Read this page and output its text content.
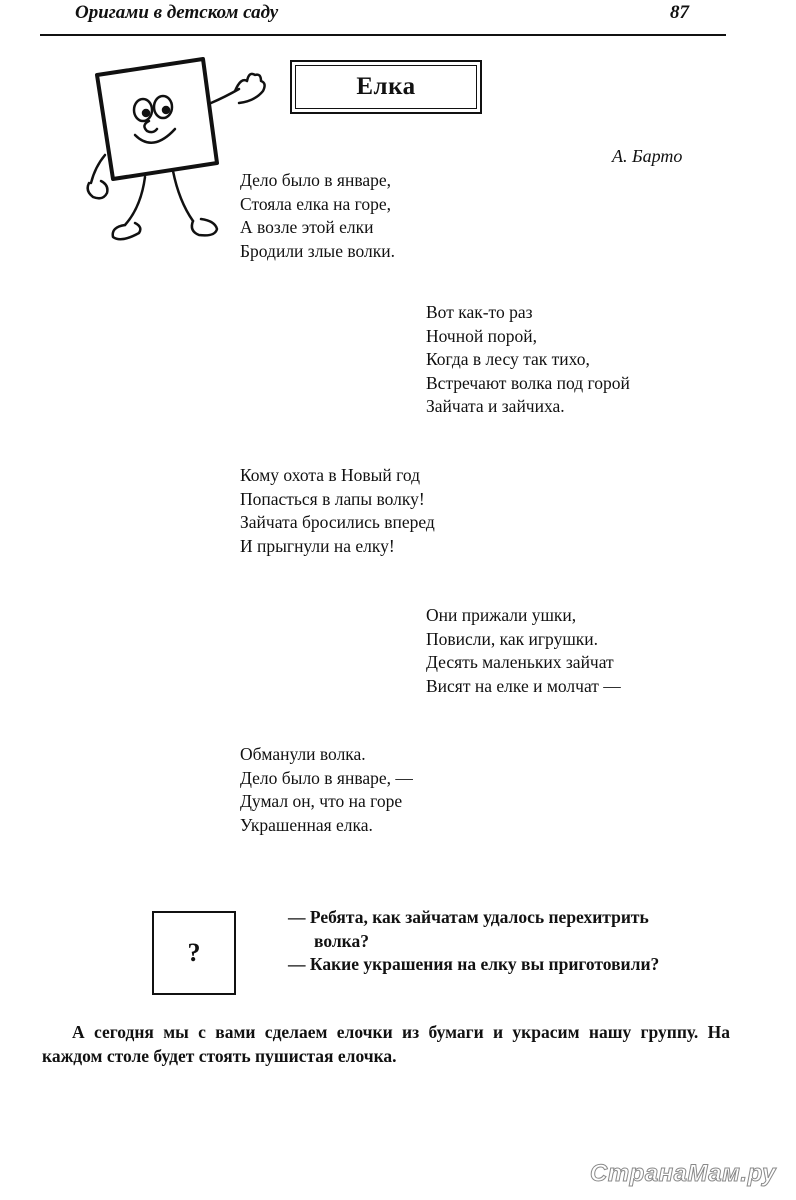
Оригами в детском саду	87
Елка
А. Барто
Дело было в январе,
Стояла елка на горе,
А возле этой елки
Бродили злые волки.
Вот как-то раз
Ночной порой,
Когда в лесу так тихо,
Встречают волка под горой
Зайчата и зайчиха.
Кому охота в Новый год
Попасться в лапы волку!
Зайчата бросились вперед
И прыгнули на елку!
Они прижали ушки,
Повисли, как игрушки.
Десять маленьких зайчат
Висят на елке и молчат —
Обманули волка.
Дело было в январе, —
Думал он, что на горе
Украшенная елка.
?
— Ребята, как зайчатам удалось перехитрить
волка?
— Какие украшения на елку вы приготовили?
А сегодня мы с вами сделаем елочки из бумаги и украсим нашу группу. На каждом столе будет стоять пушистая елочка.
СтранаМам.ру
